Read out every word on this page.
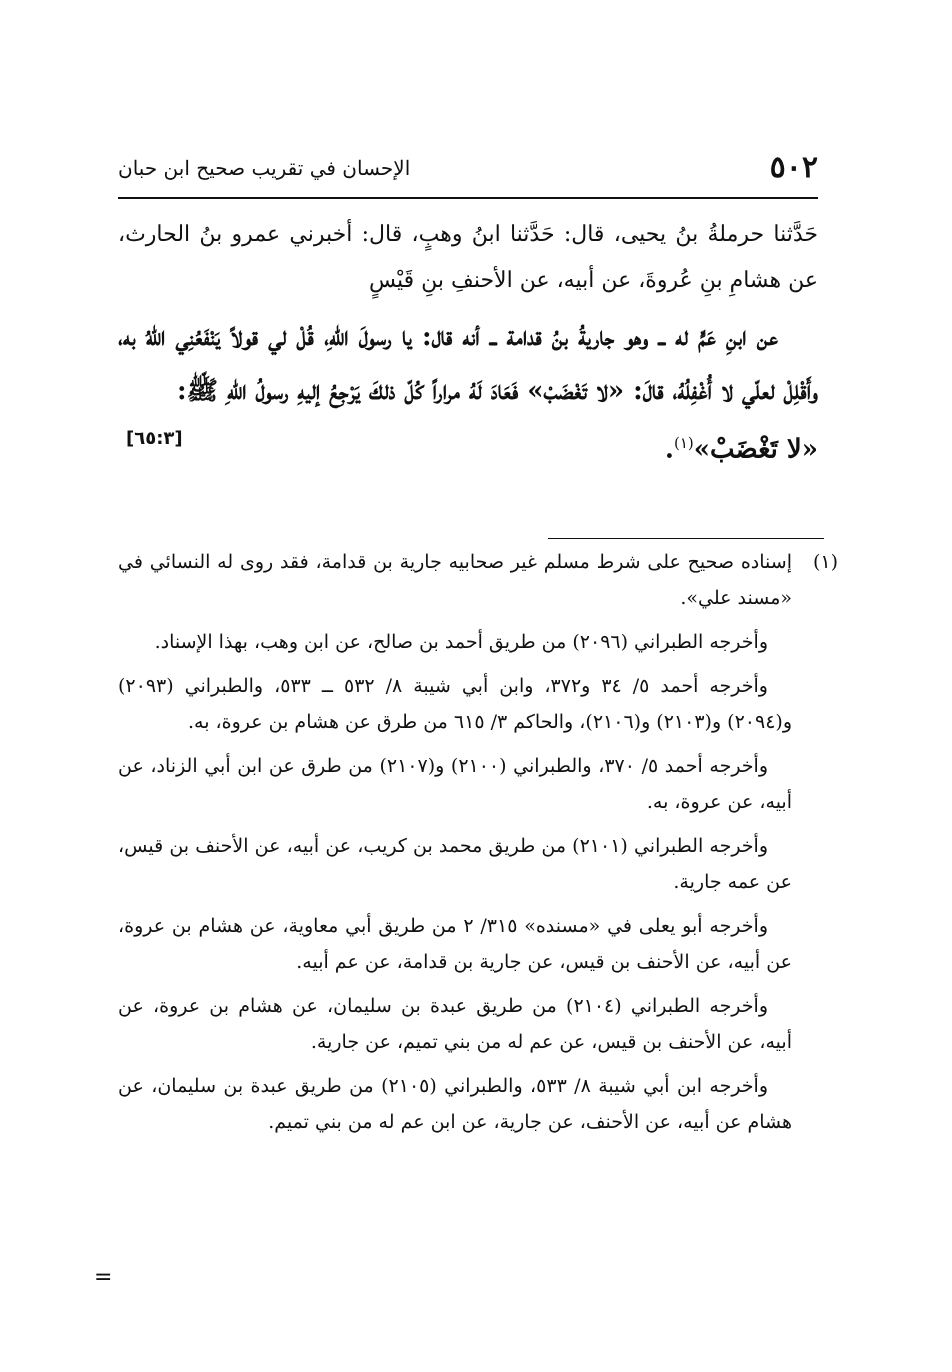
٥٠٢
الإحسان في تقريب صحيح ابن حبان

حَدَّثنا حرملةُ بنُ يحيى، قال: حَدَّثنا ابنُ وهبٍ، قال: أخبرني عمرو بنُ الحارث، عن هشامِ بنِ عُروةَ، عن أبيه، عن الأحنفِ بنِ قَيْسٍ

عن ابنِ عَمٍّ له ــ وهو جاريةُ بنُ قدامة ــ أنه قال: يا رسولَ اللّهِ، قُلْ لي قولاً يَنْفَعُنِي اللّهُ به، وأَقْلِلْ لعلّي لا أُغْفِلُهُ، قالَ: «لا تَغْضَبْ» فَعَادَ لَهُ مراراً كُلّ ذلكَ يَرْجِعُ إليهِ رسولُ اللّهِ ﷺ:

«لا تَغْضَبْ»$^{(١)}$.
[٦٥:٣]

(١)
إسناده صحيح على شرط مسلم غير صحابيه جارية بن قدامة، فقد روى له النسائي في «مسند علي».

وأخرجه الطبراني (٢٠٩٦) من طريق أحمد بن صالح، عن ابن وهب، بهذا الإسناد.

وأخرجه أحمد ٥/ ٣٤ و٣٧٢، وابن أبي شيبة ٨/ ٥٣٢ ــ ٥٣٣، والطبراني (٢٠٩٣) و(٢٠٩٤) و(٢١٠٣) و(٢١٠٦)، والحاكم ٣/ ٦١٥ من طرق عن هشام بن عروة، به.

وأخرجه أحمد ٥/ ٣٧٠، والطبراني (٢١٠٠) و(٢١٠٧) من طرق عن ابن أبي الزناد، عن أبيه، عن عروة، به.

وأخرجه الطبراني (٢١٠١) من طريق محمد بن كريب، عن أبيه، عن الأحنف بن قيس، عن عمه جارية.

وأخرجه أبو يعلى في «مسنده» ٣١٥/ ٢ من طريق أبي معاوية، عن هشام بن عروة، عن أبيه، عن الأحنف بن قيس، عن جارية بن قدامة، عن عم أبيه.

وأخرجه الطبراني (٢١٠٤) من طريق عبدة بن سليمان، عن هشام بن عروة، عن أبيه، عن الأحنف بن قيس، عن عم له من بني تميم، عن جارية.

وأخرجه ابن أبي شيبة ٨/ ٥٣٣، والطبراني (٢١٠٥) من طريق عبدة بن سليمان، عن هشام عن أبيه، عن الأحنف، عن جارية، عن ابن عم له من بني تميم.

=
